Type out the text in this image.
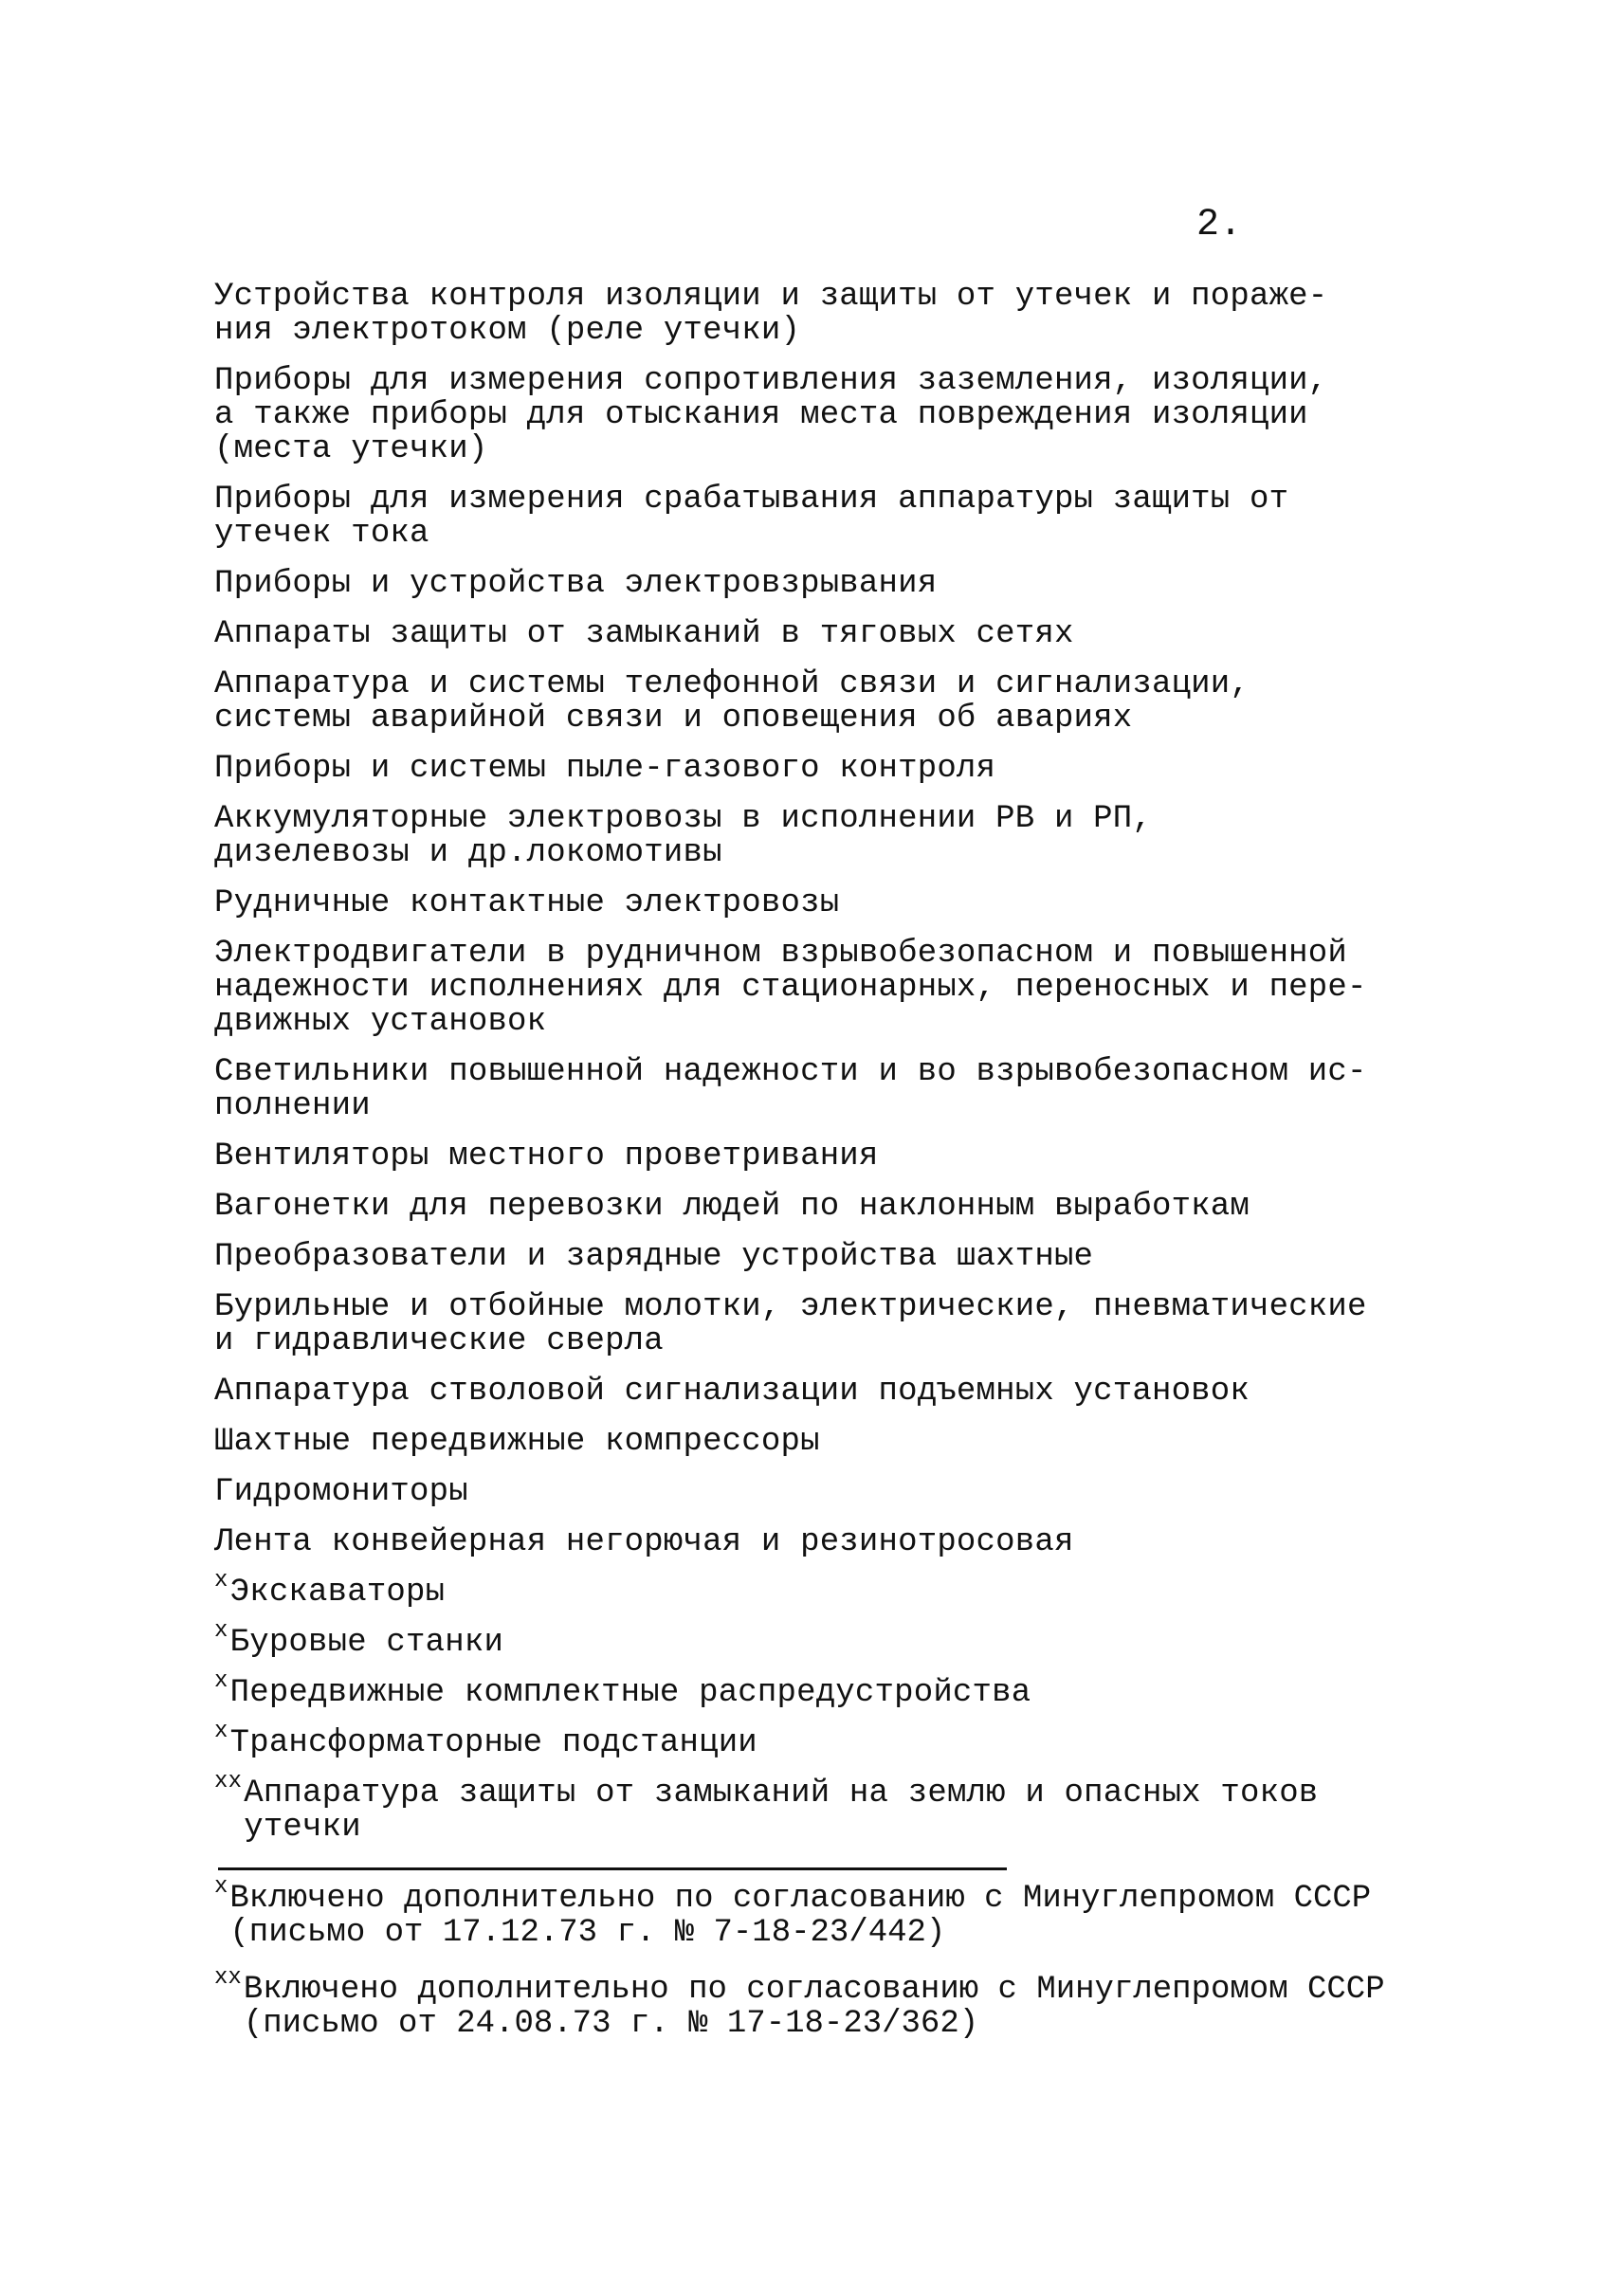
2.
Устройства контроля изоляции и защиты от утечек и пораже-
ния электротоком (реле утечки)
Приборы для измерения сопротивления заземления, изоляции,
а также приборы для отыскания места повреждения изоляции
(места утечки)
Приборы для измерения срабатывания аппаратуры защиты от
утечек тока
Приборы и устройства электровзрывания
Аппараты защиты от замыканий в тяговых сетях
Аппаратура и системы телефонной связи и сигнализации,
системы аварийной связи и оповещения об авариях
Приборы и системы пыле-газового контроля
Аккумуляторные электровозы в исполнении РВ и РП,
дизелевозы и др.локомотивы
Рудничные контактные электровозы
Электродвигатели в рудничном взрывобезопасном и повышенной
надежности исполнениях для стационарных, переносных и пере-
движных установок
Светильники повышенной надежности и во взрывобезопасном ис-
полнении
Вентиляторы местного проветривания
Вагонетки для перевозки людей по наклонным выработкам
Преобразователи и зарядные устройства шахтные
Бурильные и отбойные молотки, электрические, пневматические
и гидравлические сверла
Аппаратура стволовой сигнализации подъемных установок
Шахтные передвижные компрессоры
Гидромониторы
Лента конвейерная негорючая и резинотросовая
$^x$Экскаваторы
$^x$Буровые станки
$^x$Передвижные комплектные распредустройства
$^x$Трансформаторные подстанции
$^{xx}$Аппаратура защиты от замыканий на землю и опасных токов
утечки
$^x$Включено дополнительно по согласованию с Минуглепромом СССР
(письмо от 17.12.73 г. № 7-18-23/442)
$^{xx}$Включено дополнительно по согласованию с Минуглепромом СССР
(письмо от 24.08.73 г. № 17-18-23/362)
